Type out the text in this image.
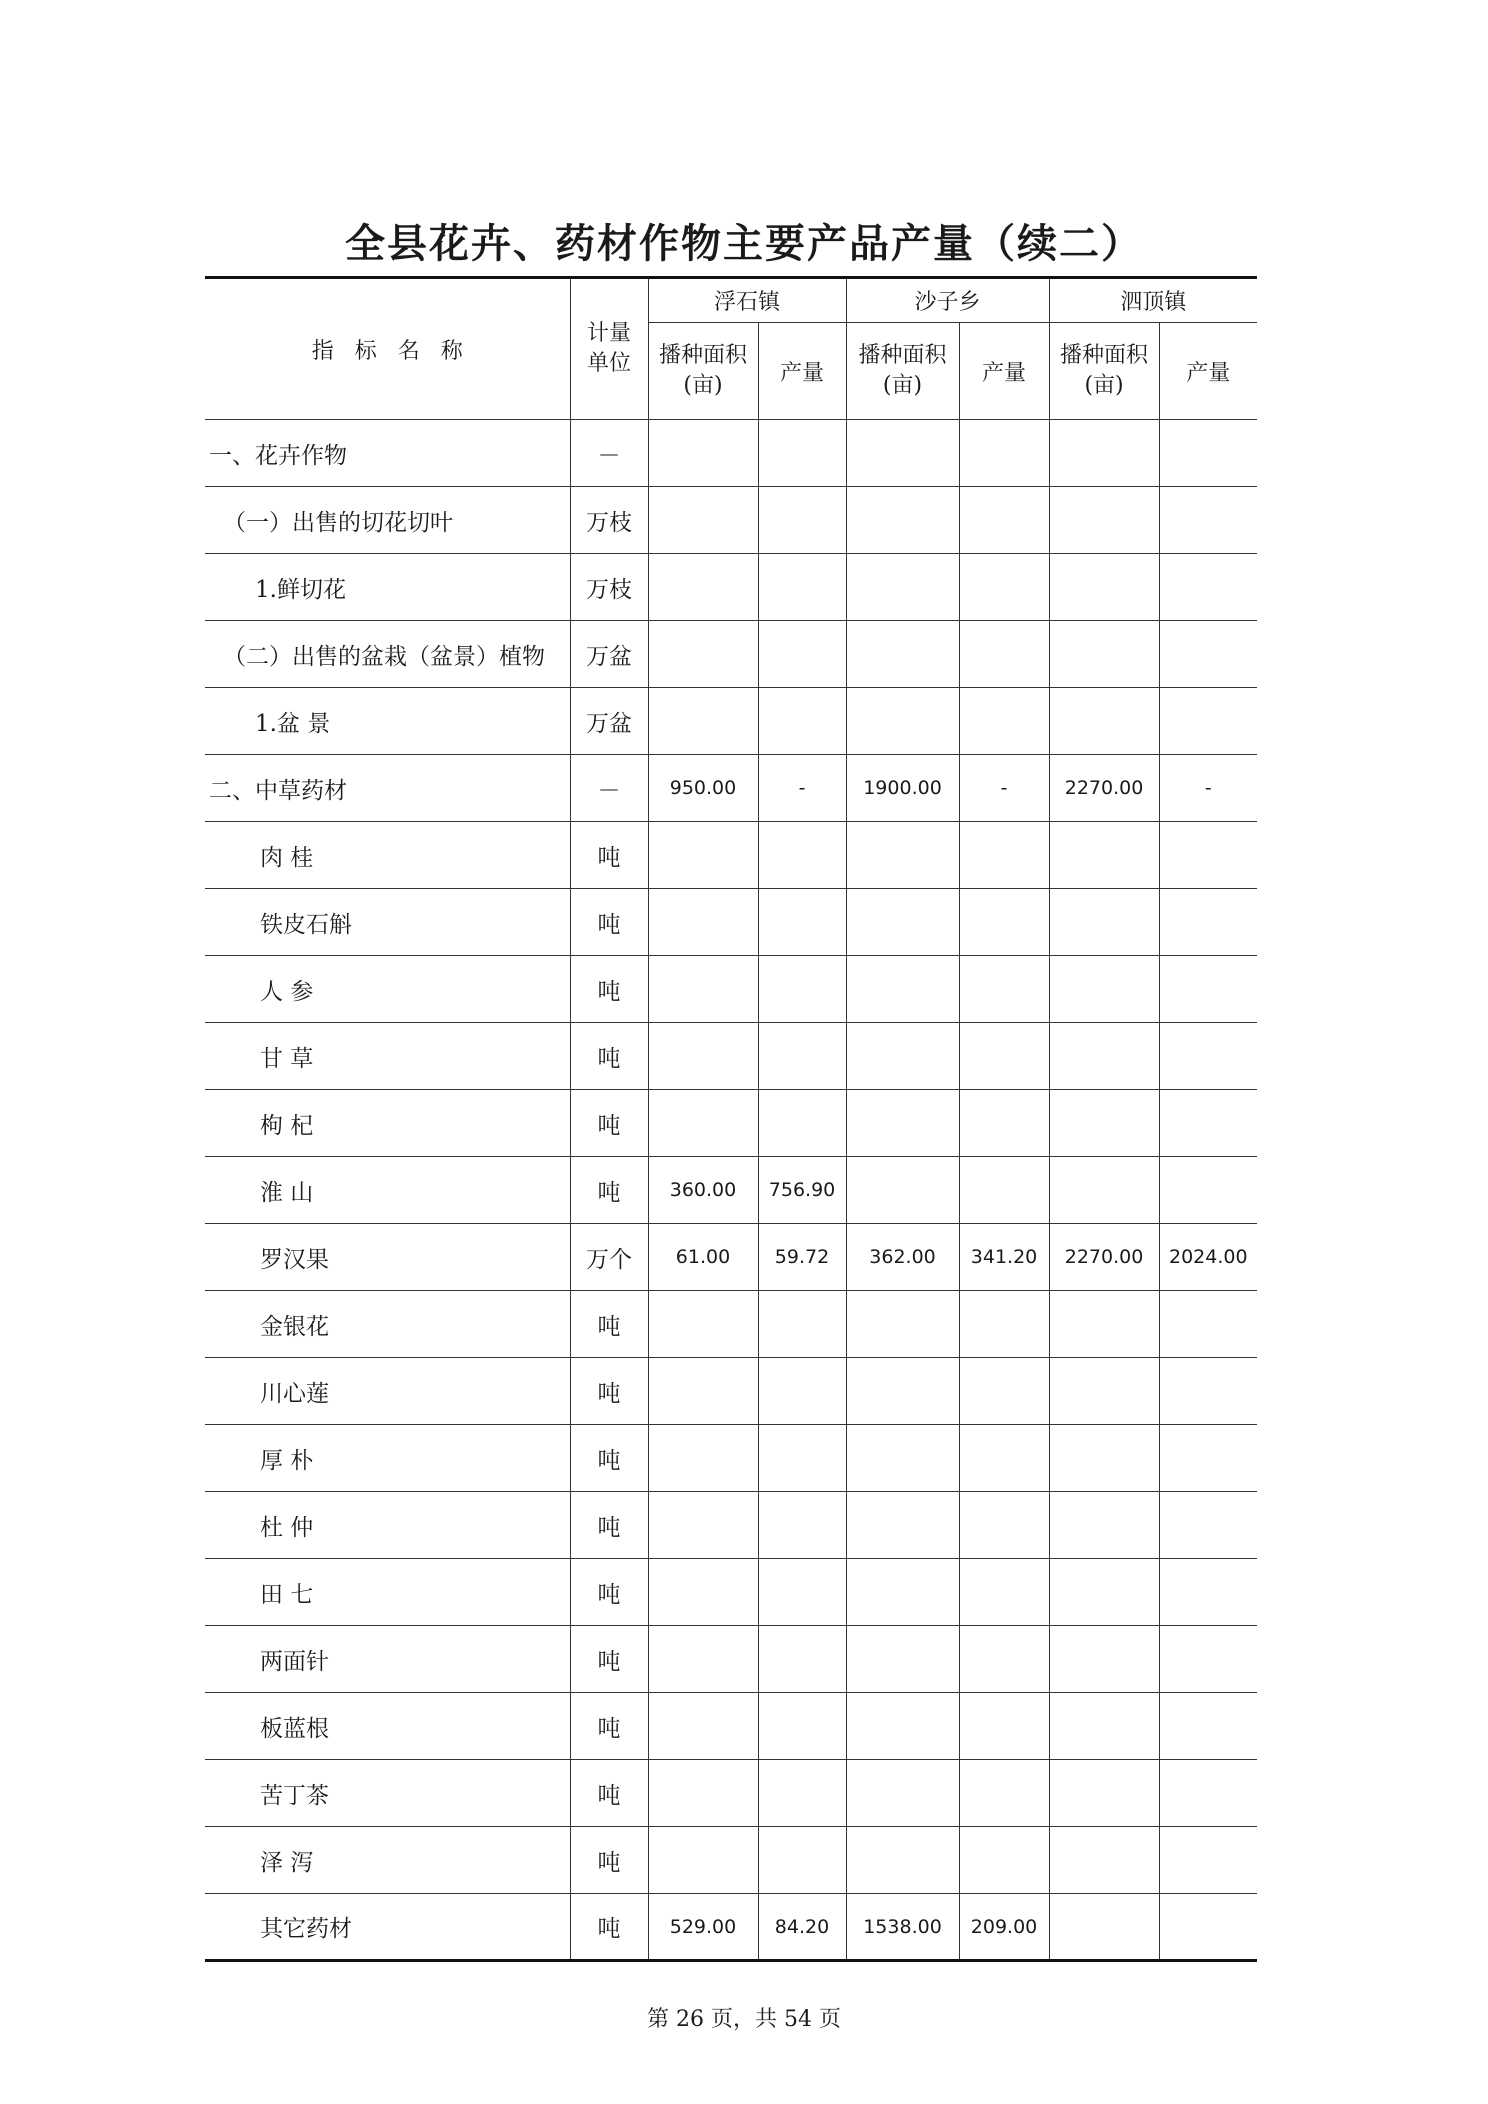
全县花卉、药材作物主要产品产量（续二）
指 标 名 称	计量单位	浮石镇		沙子乡		泗顶镇	
		播种面积(亩)	产量	播种面积(亩)	产量	播种面积(亩)	产量
一、花卉作物	－						
（一）出售的切花切叶	万枝						
1.鲜切花	万枝						
（二）出售的盆栽（盆景）植物	万盆						
1.盆 景	万盆						
二、中草药材	－	950.00	-	1900.00	-	2270.00	-
肉 桂	吨						
铁皮石斛	吨						
人 参	吨						
甘 草	吨						
枸 杞	吨						
淮 山	吨	360.00	756.90				
罗汉果	万个	61.00	59.72	362.00	341.20	2270.00	2024.00
金银花	吨						
川心莲	吨						
厚 朴	吨						
杜 仲	吨						
田 七	吨						
两面针	吨						
板蓝根	吨						
苦丁茶	吨						
泽 泻	吨						
其它药材	吨	529.00	84.20	1538.00	209.00		
第 26 页，共 54 页
